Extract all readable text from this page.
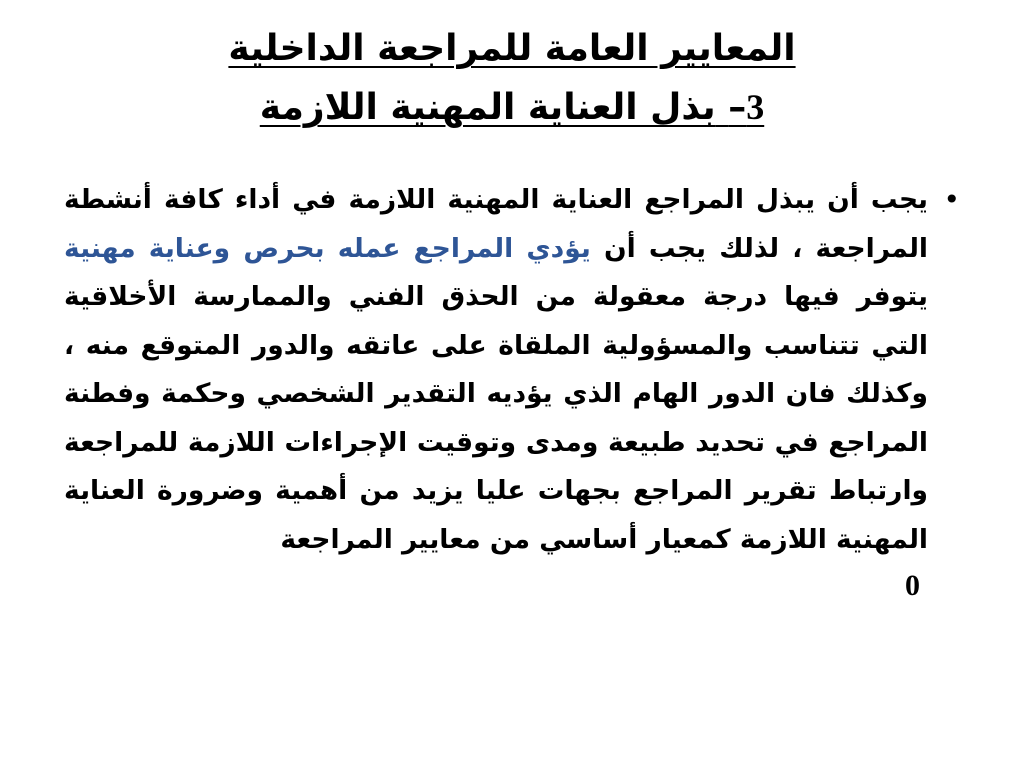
المعايير العامة للمراجعة الداخلية
3– بذل العناية المهنية اللازمة
•
يجب أن يبذل المراجع العناية المهنية اللازمة في أداء كافة أنشطة المراجعة ، لذلك يجب أن يؤدي المراجع عمله بحرص وعناية مهنية يتوفر فيها درجة معقولة من الحذق الفني والممارسة الأخلاقية التي تتناسب والمسؤولية الملقاة على عاتقه والدور المتوقع منه ، وكذلك فان الدور الهام الذي يؤديه التقدير الشخصي وحكمة وفطنة المراجع في تحديد طبيعة ومدى وتوقيت الإجراءات اللازمة للمراجعة وارتباط تقرير المراجع بجهات عليا يزيد من أهمية وضرورة العناية المهنية اللازمة كمعيار أساسي من معايير المراجعة
0
